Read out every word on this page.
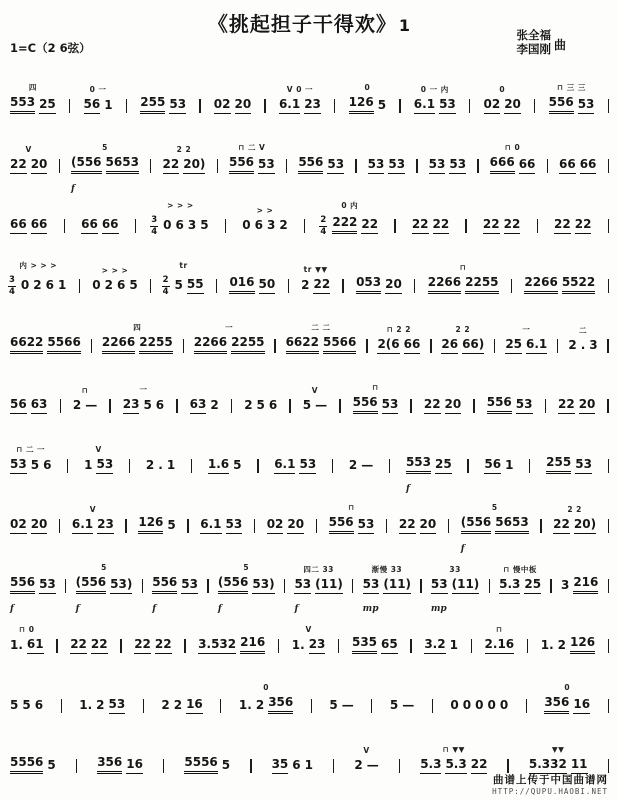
《挑起担子干得欢》 1	张全福
李国刚 曲
1=C（2 6弦）
四
553 25
0 一
56 1
255 53
02 20
V 0 一
6.1 23
0
126 5
0 一 内
6.1 53
0
02 20
⊓ 三 三
556 53
V
22 20
5
(556 5653
f
2 2
22 20)
⊓ 二 V
556 53
556 53
53 53
53 53
⊓ 0
666 66
66 66

66 66
	66 66
> > >
$\frac{3}{4} 0$ 6 3 5
> >
0 6 3 2
0 内
$\frac{2}{4} 222$ 22
	22 22
	22 22
	22 22
内 > > >
$\frac{3}{4} 0$ 2 6 1
> > >
0 2 6 5
tr
$\frac{2}{4} 5$ 55
016 50
tr ▼▼
2 22
053 20
⊓
2266 2255
2266 5522

6622 5566
四
2266 2255
一
2266 2255
二 二
6622 5566
⊓ 2 2
2(6 66
2 2
26 66)
一
25 6.1
二
2 . 3

56 63
⊓
2 —
一
23 5 6
63 2
2 5 6
V
5 —
⊓
556 53
22 20
556 53
22 20
⊓ 二 一
53 5 6
V
1 53
	2 . 1
	1.6 5
	6.1 53
	2 —
	553 25
f

56 1
	255 53

02 20
V
6.1 23
126 5
6.1 53
02 20
⊓
556 53
22 20
5
(556 5653
f
2 2
22 20)

556 53
f
5
(556 53)
f

556 53
f
5
(556 53)
f
四二 33
53 (11)
f
渐慢 33
53 (11)
mp
33
53 (11)
mp
⊓ 慢中板
5.3 25
3 216
⊓ 0
1. 61
22 22
22 22
3.532 216
V
1. 23
535 65
3.2 1
⊓
2.16
1. 2 126

5 5 6
	1. 2 53
	2 2 16
0
1. 2 356
	5 —
	5 —
	0 0 0 0 0
0
356 16

5556 5
	356 16
	5556 5
	35 6 1
V
2 —
⊓ ▼▼
5.3 5.3 22
▼▼
5.332 11
曲谱上传于中国曲谱网
HTTP://QUPU.HAOBI.NET
